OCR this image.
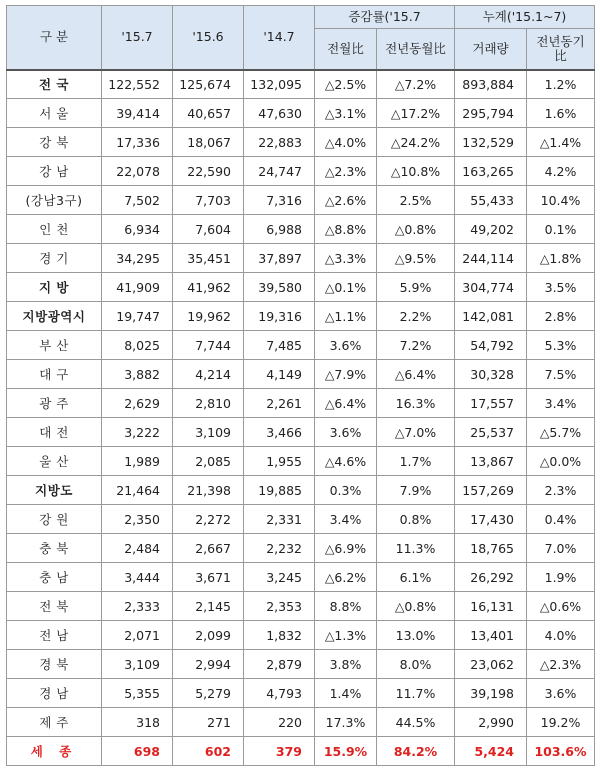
구 분	'15.7	'15.6	'14.7	증감률('15.7		누계('15.1~7)	
				전월比	전년동월比	거래량	전년동기比
전 국	122,552	125,674	132,095	△2.5%	△7.2%	893,884	1.2%
서 울	39,414	40,657	47,630	△3.1%	△17.2%	295,794	1.6%
강 북	17,336	18,067	22,883	△4.0%	△24.2%	132,529	△1.4%
강 남	22,078	22,590	24,747	△2.3%	△10.8%	163,265	4.2%
(강남3구)	7,502	7,703	7,316	△2.6%	2.5%	55,433	10.4%
인 천	6,934	7,604	6,988	△8.8%	△0.8%	49,202	0.1%
경 기	34,295	35,451	37,897	△3.3%	△9.5%	244,114	△1.8%
지 방	41,909	41,962	39,580	△0.1%	5.9%	304,774	3.5%
지방광역시	19,747	19,962	19,316	△1.1%	2.2%	142,081	2.8%
부 산	8,025	7,744	7,485	3.6%	7.2%	54,792	5.3%
대 구	3,882	4,214	4,149	△7.9%	△6.4%	30,328	7.5%
광 주	2,629	2,810	2,261	△6.4%	16.3%	17,557	3.4%
대 전	3,222	3,109	3,466	3.6%	△7.0%	25,537	△5.7%
울 산	1,989	2,085	1,955	△4.6%	1.7%	13,867	△0.0%
지방도	21,464	21,398	19,885	0.3%	7.9%	157,269	2.3%
강 원	2,350	2,272	2,331	3.4%	0.8%	17,430	0.4%
충 북	2,484	2,667	2,232	△6.9%	11.3%	18,765	7.0%
충 남	3,444	3,671	3,245	△6.2%	6.1%	26,292	1.9%
전 북	2,333	2,145	2,353	8.8%	△0.8%	16,131	△0.6%
전 남	2,071	2,099	1,832	△1.3%	13.0%	13,401	4.0%
경 북	3,109	2,994	2,879	3.8%	8.0%	23,062	△2.3%
경 남	5,355	5,279	4,793	1.4%	11.7%	39,198	3.6%
제 주	318	271	220	17.3%	44.5%	2,990	19.2%
세 종	698	602	379	15.9%	84.2%	5,424	103.6%
